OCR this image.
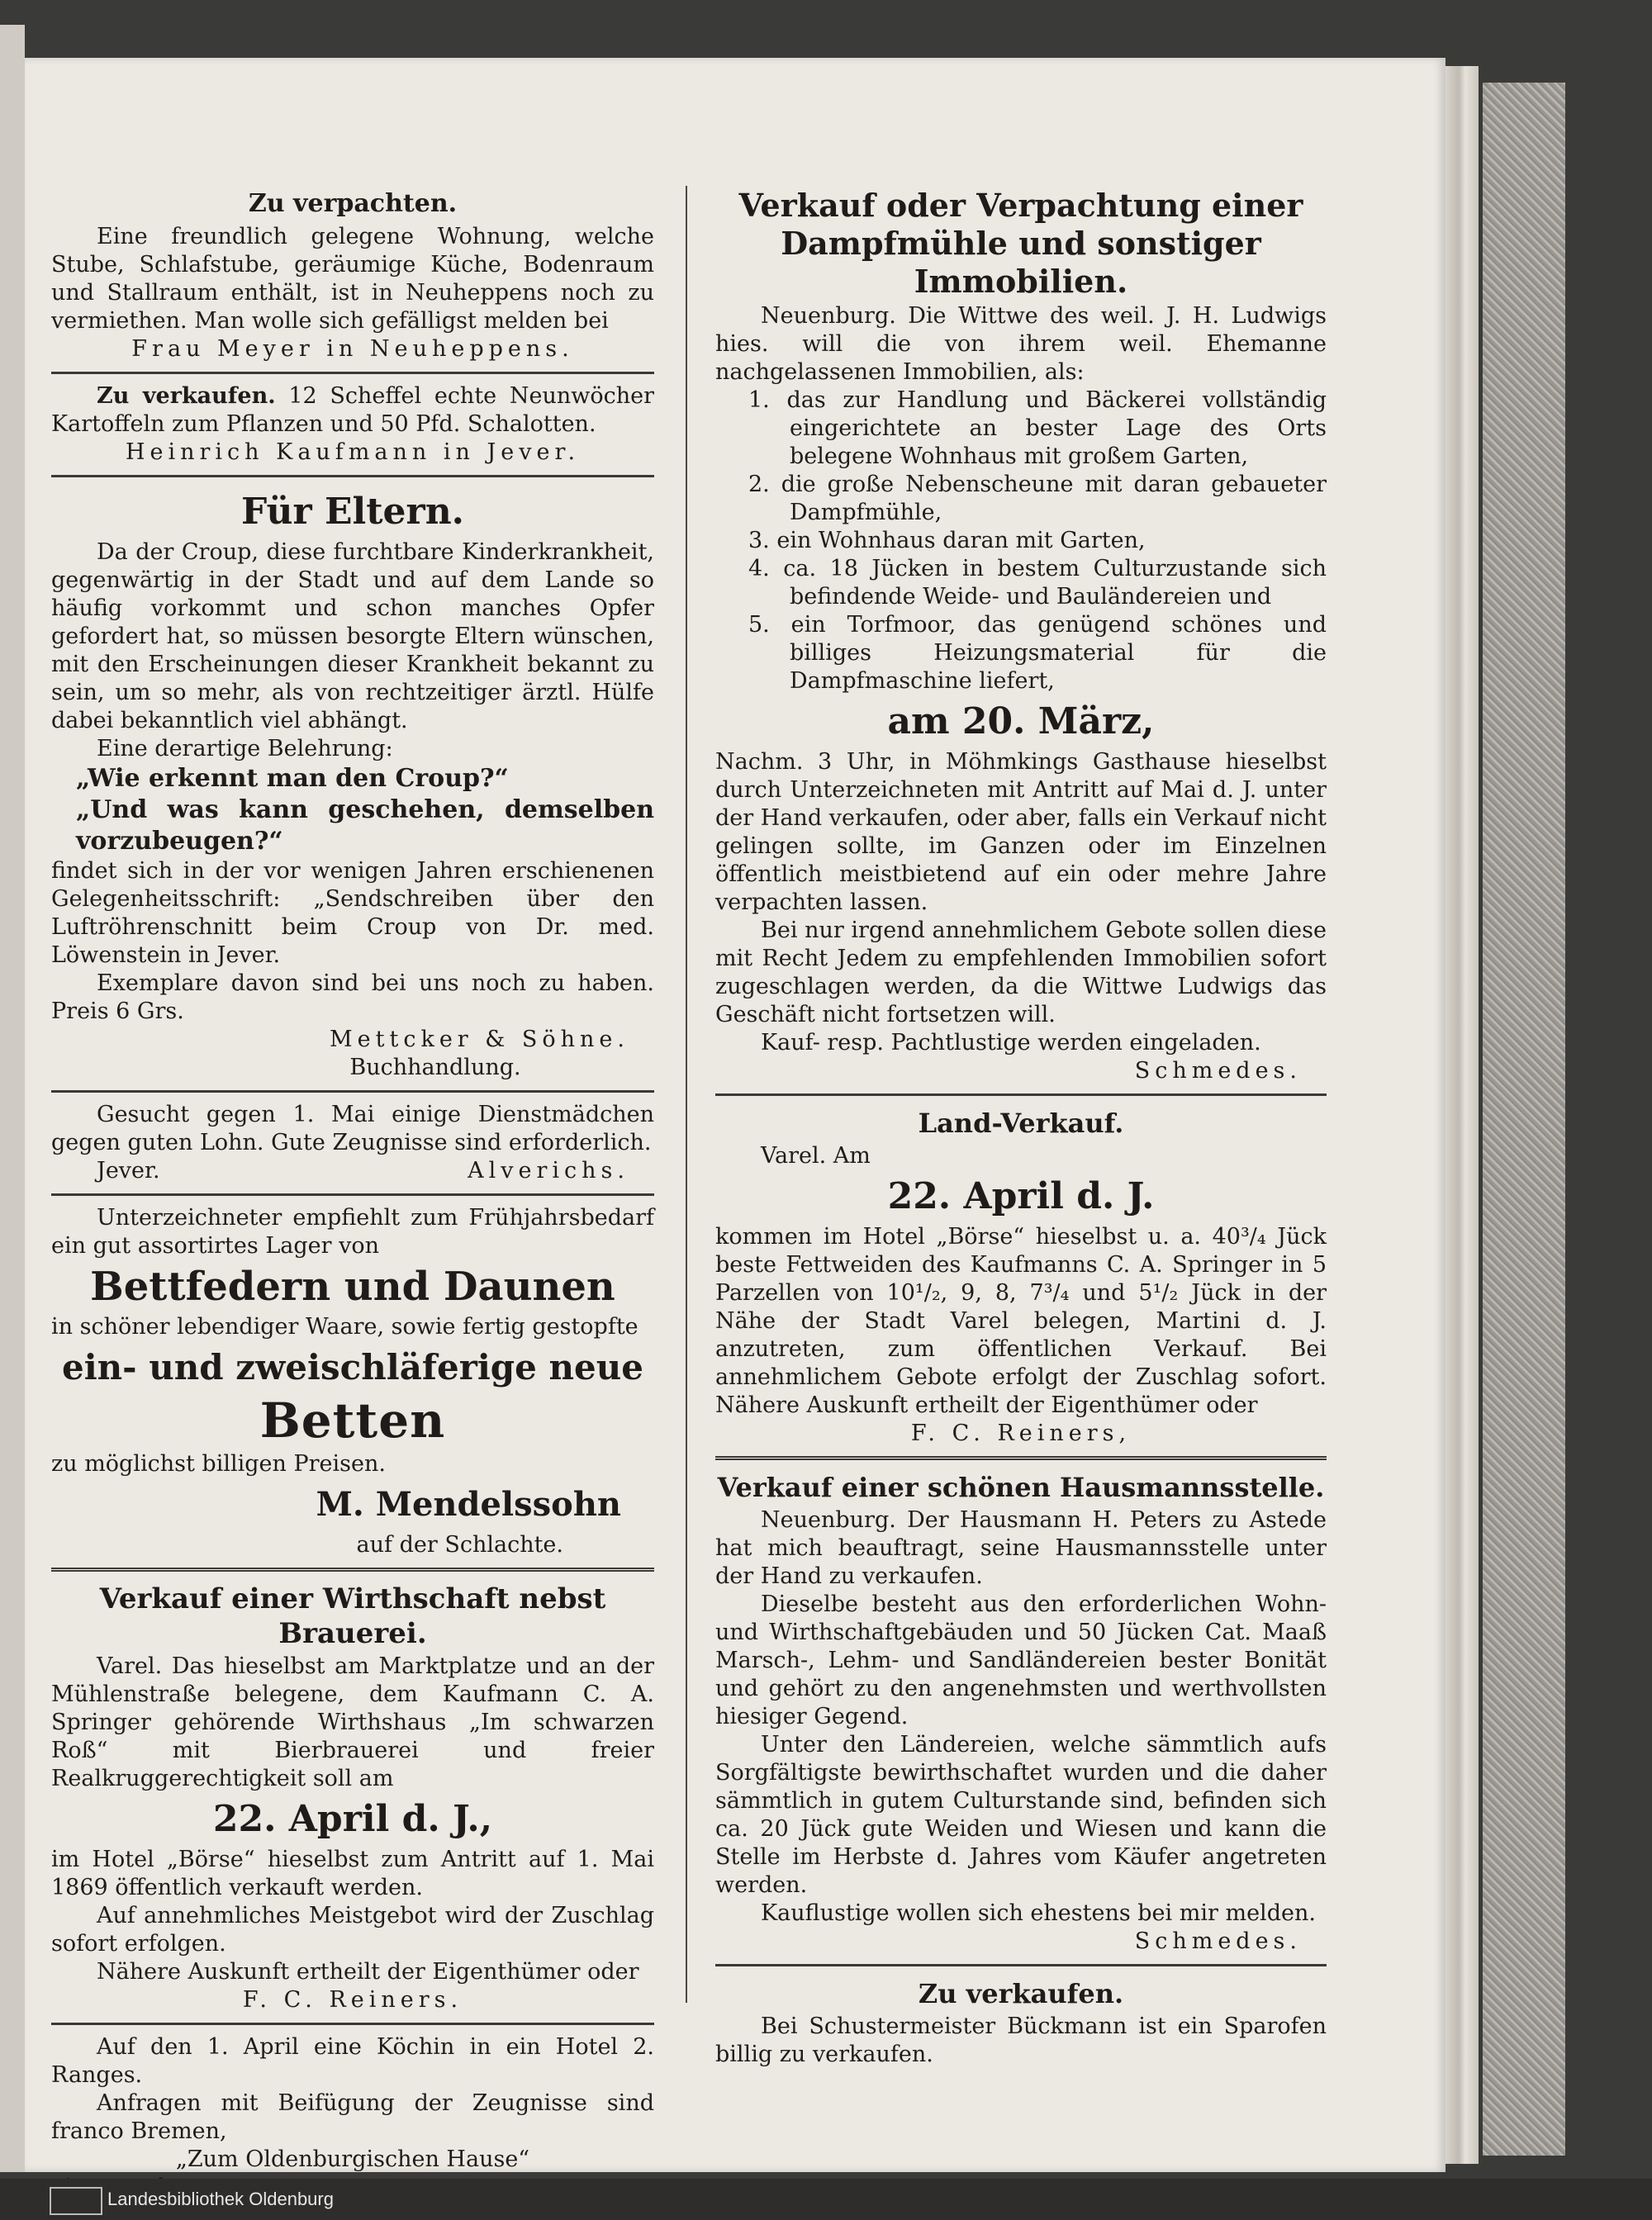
Zu verpachten.

Eine freundlich gelegene Wohnung, welche Stube, Schlafstube, geräumige Küche, Bodenraum und Stallraum enthält, ist in Neuheppens noch zu vermiethen. Man wolle sich gefälligst melden bei

Frau Meyer in Neuheppens.

Zu verkaufen. 12 Scheffel echte Neunwöcher Kartoffeln zum Pflanzen und 50 Pfd. Schalotten.

Heinrich Kaufmann in Jever.
Für Eltern.

Da der Croup, diese furchtbare Kinderkrankheit, gegenwärtig in der Stadt und auf dem Lande so häufig vorkommt und schon manches Opfer gefordert hat, so müssen besorgte Eltern wünschen, mit den Erscheinungen dieser Krankheit bekannt zu sein, um so mehr, als von rechtzeitiger ärztl. Hülfe dabei bekanntlich viel abhängt.

Eine derartige Belehrung:

„Wie erkennt man den Croup?“

„Und was kann geschehen, demselben vorzubeugen?“

findet sich in der vor wenigen Jahren erschienenen Gelegenheitsschrift: „Sendschreiben über den Luftröhrenschnitt beim Croup von Dr. med. Löwenstein in Jever.

Exemplare davon sind bei uns noch zu haben. Preis 6 Grs.

Mettcker & Söhne.
Buchhandlung.

Gesucht gegen 1. Mai einige Dienstmädchen gegen guten Lohn. Gute Zeugnisse sind erforderlich.

Jever.	Alverichs.

Unterzeichneter empfiehlt zum Frühjahrsbedarf ein gut assortirtes Lager von

Bettfedern und Daunen

in schöner lebendiger Waare, sowie fertig gestopfte

ein- und zweischläferige neue
Betten

zu möglichst billigen Preisen.

M. Mendelssohn
auf der Schlachte.
Verkauf einer Wirthschaft nebst Brauerei.

Varel. Das hieselbst am Marktplatze und an der Mühlenstraße belegene, dem Kaufmann C. A. Springer gehörende Wirthshaus „Im schwarzen Roß“ mit Bierbrauerei und freier Realkruggerechtigkeit soll am

22. April d. J.,

im Hotel „Börse“ hieselbst zum Antritt auf 1. Mai 1869 öffentlich verkauft werden.

Auf annehmliches Meistgebot wird der Zuschlag sofort erfolgen.

Nähere Auskunft ertheilt der Eigenthümer oder

F. C. Reiners.

Auf den 1. April eine Köchin in ein Hotel 2. Ranges.

Anfragen mit Beifügung der Zeugnisse sind franco Bremen,

„Zum Oldenburgischen Hause“

Verkauf oder Verpachtung einer Dampfmühle und sonstiger Immobilien.

Neuenburg. Die Wittwe des weil. J. H. Ludwigs hies. will die von ihrem weil. Ehemanne nachgelassenen Immobilien, als:

1. das zur Handlung und Bäckerei vollständig eingerichtete an bester Lage des Orts belegene Wohnhaus mit großem Garten,
2. die große Nebenscheune mit daran gebaueter Dampfmühle,
3. ein Wohnhaus daran mit Garten,
4. ca. 18 Jücken in bestem Culturzustande sich befindende Weide- und Bauländereien und
5. ein Torfmoor, das genügend schönes und billiges Heizungsmaterial für die Dampfmaschine liefert,
am 20. März,

Nachm. 3 Uhr, in Möhmkings Gasthause hieselbst durch Unterzeichneten mit Antritt auf Mai d. J. unter der Hand verkaufen, oder aber, falls ein Verkauf nicht gelingen sollte, im Ganzen oder im Einzelnen öffentlich meistbietend auf ein oder mehre Jahre verpachten lassen.

Bei nur irgend annehmlichem Gebote sollen diese mit Recht Jedem zu empfehlenden Immobilien sofort zugeschlagen werden, da die Wittwe Ludwigs das Geschäft nicht fortsetzen will.

Kauf- resp. Pachtlustige werden eingeladen.

Schmedes.
Land-Verkauf.

Varel. Am

22. April d. J.

kommen im Hotel „Börse“ hieselbst u. a. 40³/₄ Jück beste Fettweiden des Kaufmanns C. A. Springer in 5 Parzellen von 10¹/₂, 9, 8, 7³/₄ und 5¹/₂ Jück in der Nähe der Stadt Varel belegen, Martini d. J. anzutreten, zum öffentlichen Verkauf. Bei annehmlichem Gebote erfolgt der Zuschlag sofort. Nähere Auskunft ertheilt der Eigenthümer oder

F. C. Reiners,
Verkauf einer schönen Hausmannsstelle.

Neuenburg. Der Hausmann H. Peters zu Astede hat mich beauftragt, seine Hausmannsstelle unter der Hand zu verkaufen.

Dieselbe besteht aus den erforderlichen Wohn- und Wirthschaftgebäuden und 50 Jücken Cat. Maaß Marsch-, Lehm- und Sandländereien bester Bonität und gehört zu den angenehmsten und werthvollsten hiesiger Gegend.

Unter den Ländereien, welche sämmtlich aufs Sorgfältigste bewirthschaftet wurden und die daher sämmtlich in gutem Culturstande sind, befinden sich ca. 20 Jück gute Weiden und Wiesen und kann die Stelle im Herbste d. Jahres vom Käufer angetreten werden.

Kauflustige wollen sich ehestens bei mir melden.

Schmedes.
Zu verkaufen.

Bei Schustermeister Bückmann ist ein Sparofen billig zu verkaufen.

Landesbibliothek Oldenburg
